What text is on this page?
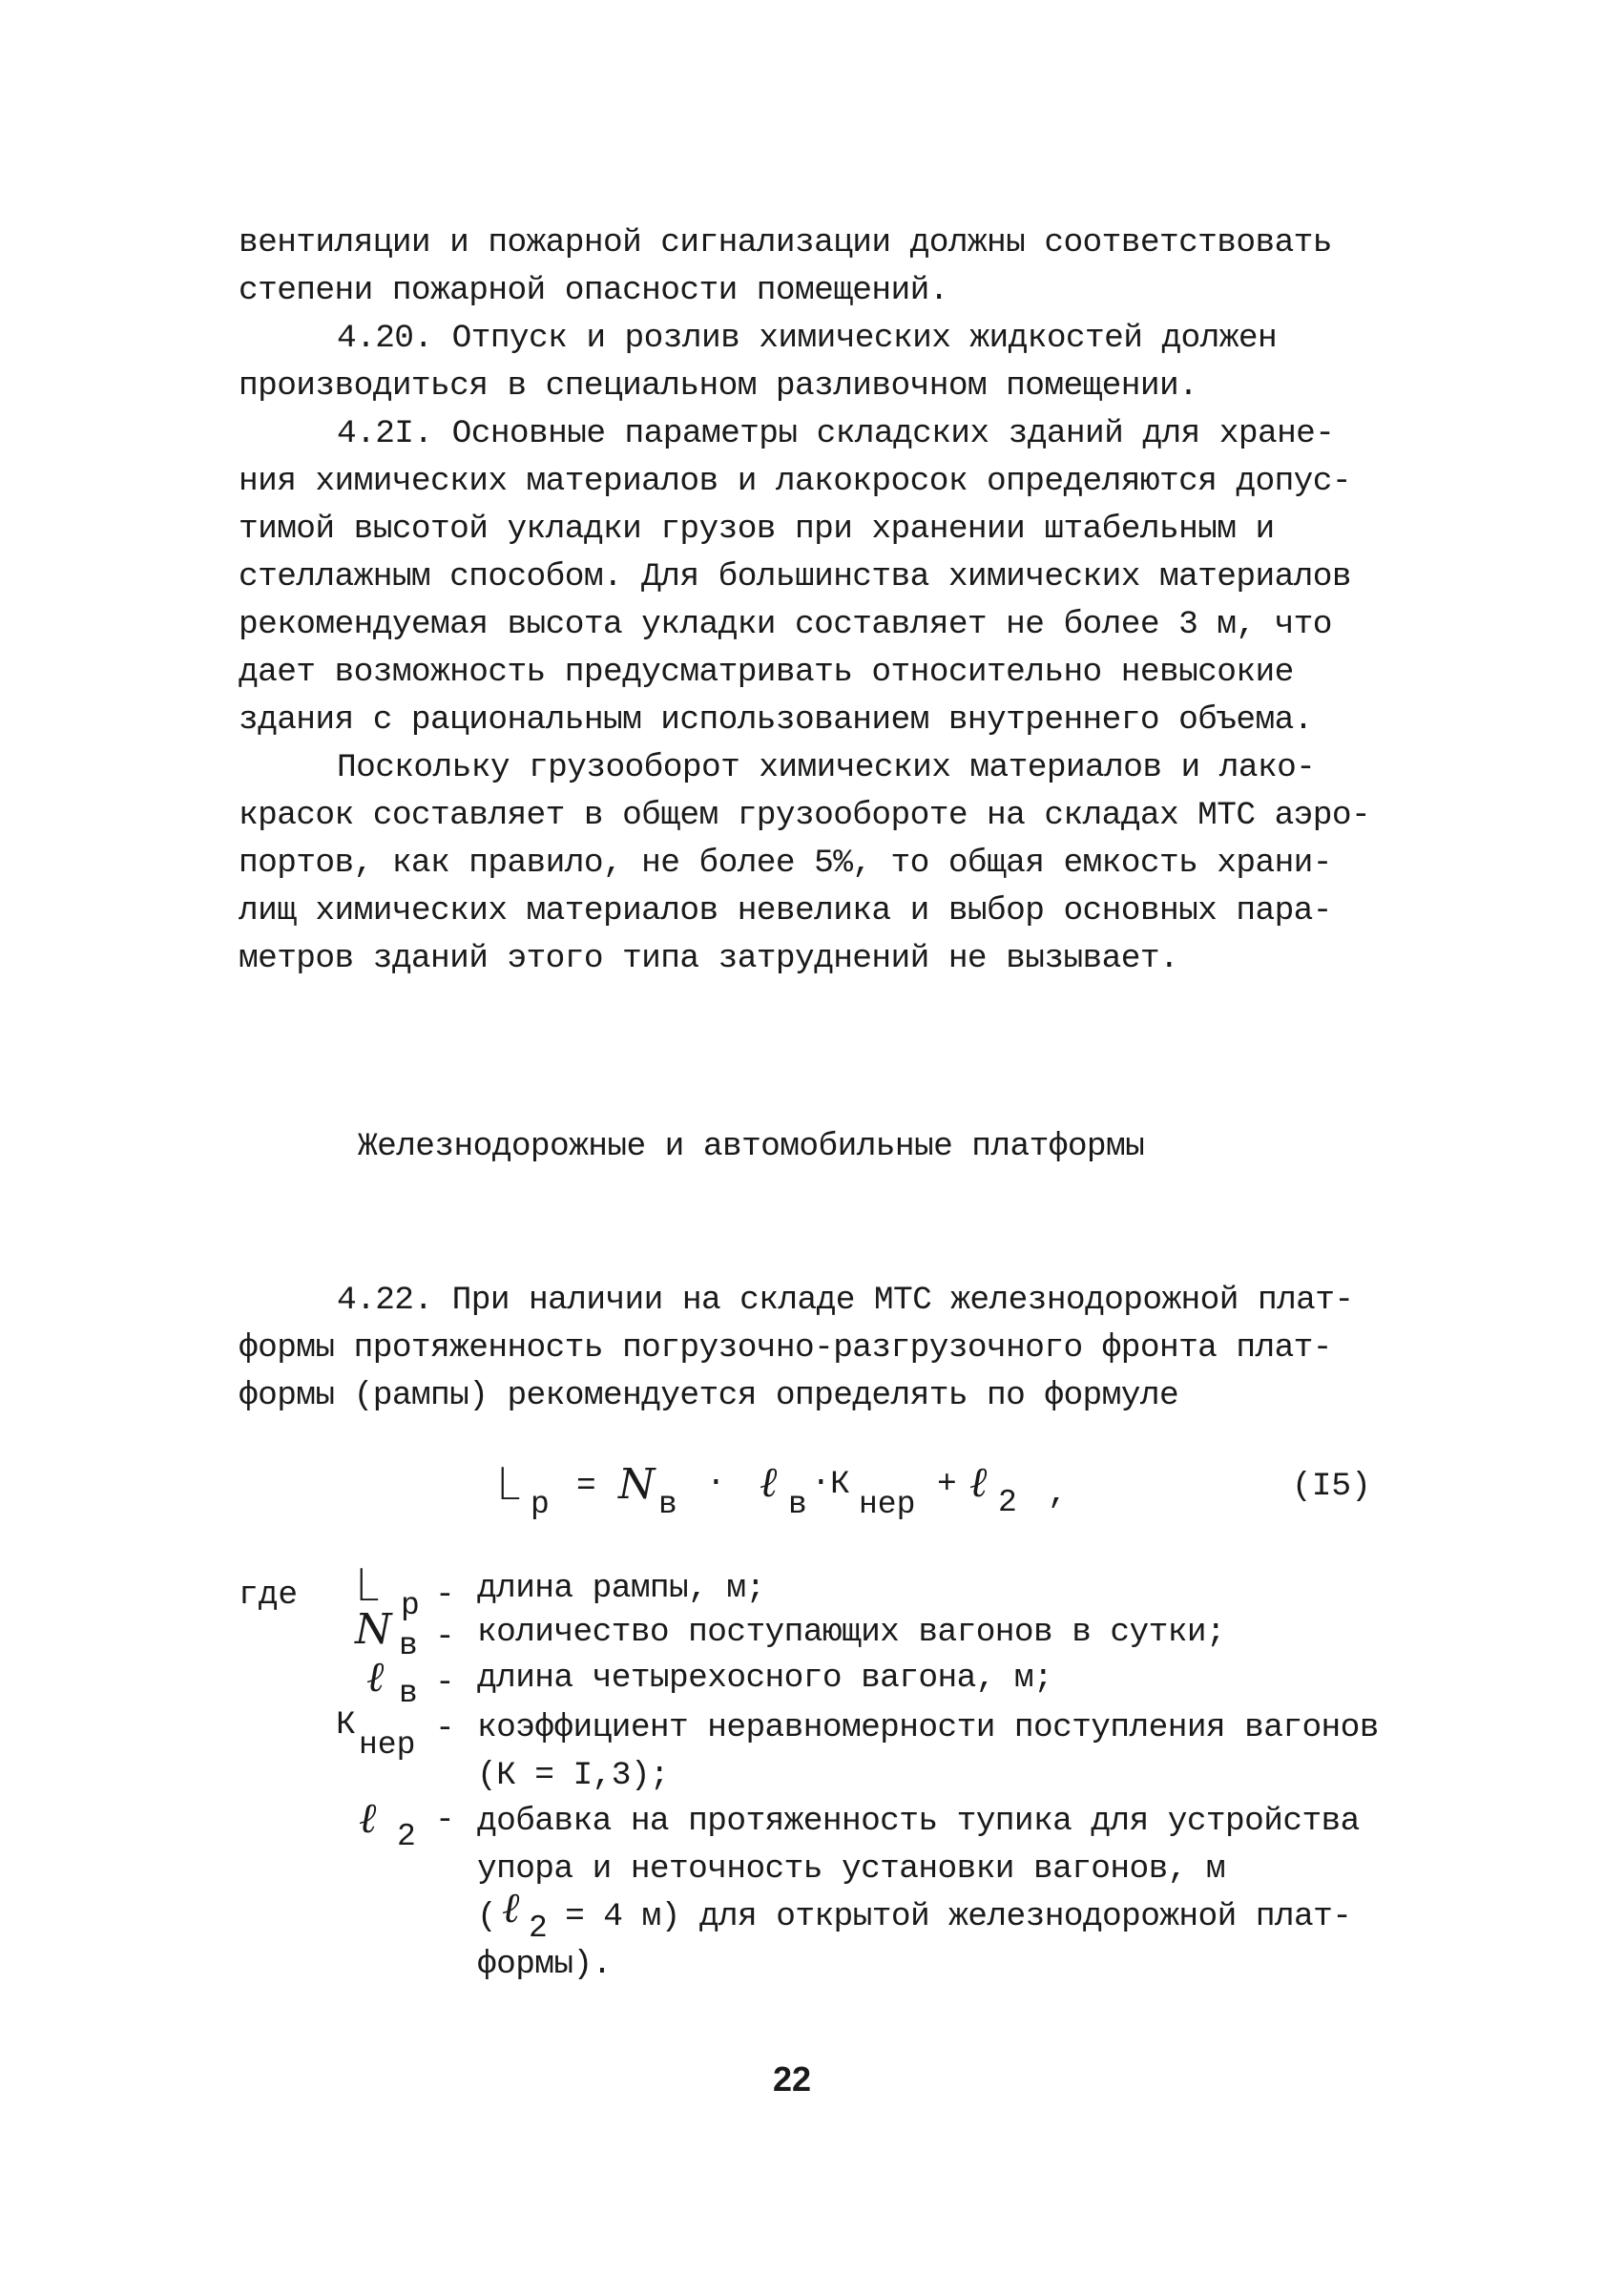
вентиляции и пожарной сигнализации должны соответствовать
степени пожарной опасности помещений.
4.20. Отпуск и розлив химических жидкостей должен
производиться в специальном разливочном помещении.
4.2I. Основные параметры складских зданий для хране-
ния химических материалов и лакокросок определяются допус-
тимой высотой укладки грузов при хранении штабельным и
стеллажным способом. Для большинства химических материалов
рекомендуемая высота укладки составляет не более 3 м, что
дает возможность предусматривать относительно невысокие
здания с рациональным использованием внутреннего объема.
Поскольку грузооборот химических материалов и лако-
красок составляет в общем грузообороте на складах МТС аэро-
портов, как правило, не более 5%, то общая емкость храни-
лищ химических материалов невелика и выбор основных пара-
метров зданий этого типа затруднений не вызывает.
Железнодорожные и автомобильные платформы
4.22. При наличии на складе МТС железнодорожной плат-
формы протяженность погрузочно-разгрузочного фронта плат-
формы (рампы) рекомендуется определять по формуле
L р = N в
· ℓ в
· К
нер
+ ℓ 2 ,	(I5)
где L р - длина рампы, м;
N в - количество поступающих вагонов в сутки;
ℓ в - длина четырехосного вагона, м;
К
нер - коэффициент неравномерности поступления вагонов
(К = I,3);
ℓ 2 - добавка на протяженность тупика для устройства
упора и неточность установки вагонов, м
( ℓ 2
= 4 м) для открытой железнодорожной плат-
формы).
22
